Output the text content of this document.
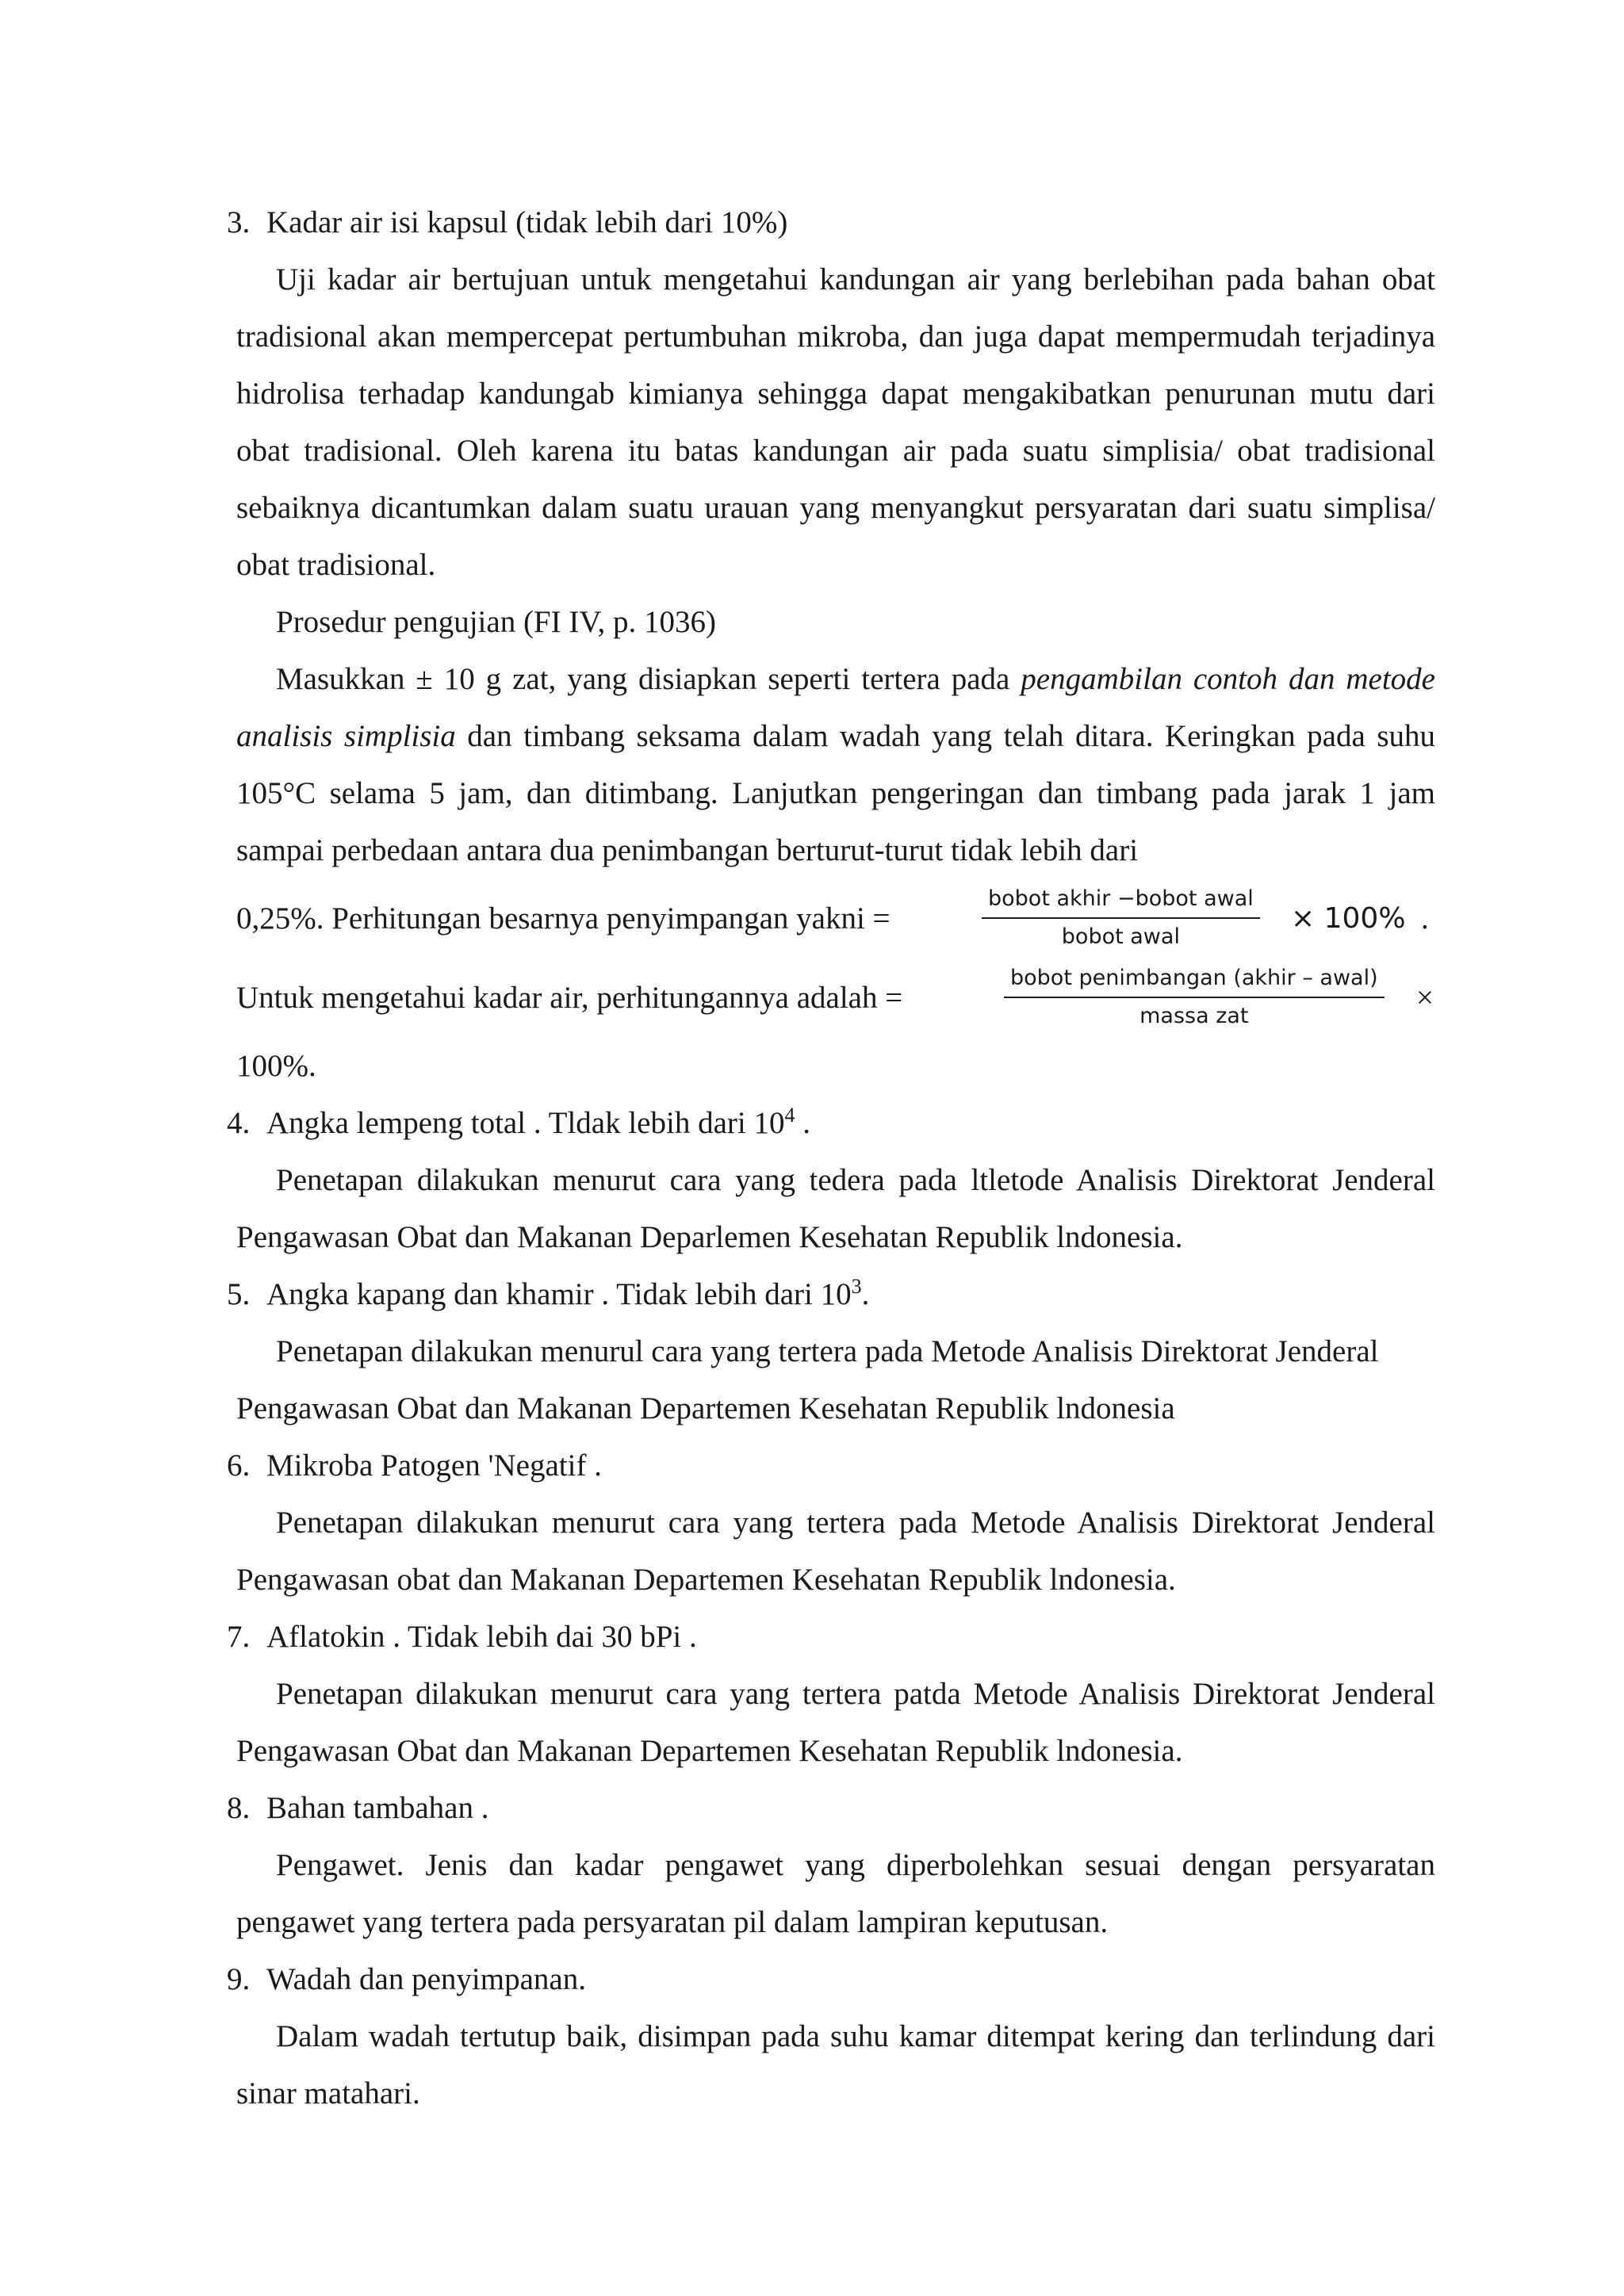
3. Kadar air isi kapsul (tidak lebih dari 10%)
Uji kadar air bertujuan untuk mengetahui kandungan air yang berlebihan pada bahan obat tradisional akan mempercepat pertumbuhan mikroba, dan juga dapat mempermudah terjadinya hidrolisa terhadap kandungab kimianya sehingga dapat mengakibatkan penurunan mutu dari obat tradisional. Oleh karena itu batas kandungan air pada suatu simplisia/ obat tradisional sebaiknya dicantumkan dalam suatu urauan yang menyangkut persyaratan dari suatu simplisa/ obat tradisional.
Prosedur pengujian (FI IV, p. 1036)
Masukkan ± 10 g zat, yang disiapkan seperti tertera pada pengambilan contoh dan metode analisis simplisia dan timbang seksama dalam wadah yang telah ditara. Keringkan pada suhu 105°C selama 5 jam, dan ditimbang. Lanjutkan pengeringan dan timbang pada jarak 1 jam sampai perbedaan antara dua penimbangan berturut-turut tidak lebih dari
0,25%. Perhitungan besarnya penyimpangan yakni =
bobot akhir −bobot awal
bobot awal
× 100% .
Untuk mengetahui kadar air, perhitungannya adalah =
bobot penimbangan (akhir – awal)
massa zat
×
100%.
4. Angka lempeng total . Tldak lebih dari $10^4$ .
Penetapan dilakukan menurut cara yang tedera pada ltletode Analisis Direktorat Jenderal Pengawasan Obat dan Makanan Deparlemen Kesehatan Republik lndonesia.
5. Angka kapang dan khamir . Tidak lebih dari $10^3$.
Penetapan dilakukan menurul cara yang tertera pada Metode Analisis Direktorat Jenderal Pengawasan Obat dan Makanan Departemen Kesehatan Republik lndonesia
6. Mikroba Patogen 'Negatif .
Penetapan dilakukan menurut cara yang tertera pada Metode Analisis Direktorat Jenderal Pengawasan obat dan Makanan Departemen Kesehatan Republik lndonesia.
7. Aflatokin . Tidak lebih dai 30 bPi .
Penetapan dilakukan menurut cara yang tertera patda Metode Analisis Direktorat Jenderal Pengawasan Obat dan Makanan Departemen Kesehatan Republik lndonesia.
8. Bahan tambahan .
Pengawet. Jenis dan kadar pengawet yang diperbolehkan sesuai dengan persyaratan pengawet yang tertera pada persyaratan pil dalam lampiran keputusan.
9. Wadah dan penyimpanan.
Dalam wadah tertutup baik, disimpan pada suhu kamar ditempat kering dan terlindung dari sinar matahari.
